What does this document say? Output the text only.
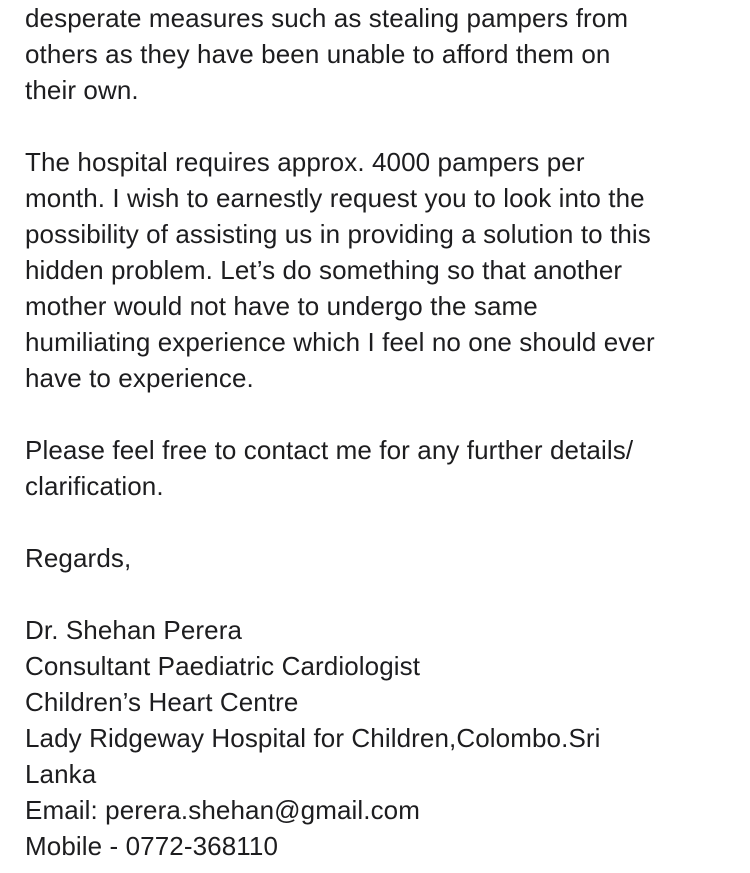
desperate measures such as stealing pampers from
others as they have been unable to afford them on
their own.
The hospital requires approx. 4000 pampers per
month. I wish to earnestly request you to look into the
possibility of assisting us in providing a solution to this
hidden problem. Let’s do something so that another
mother would not have to undergo the same
humiliating experience which I feel no one should ever
have to experience.
Please feel free to contact me for any further details/
clarification.
Regards,
Dr. Shehan Perera
Consultant Paediatric Cardiologist
Children’s Heart Centre
Lady Ridgeway Hospital for Children,Colombo.Sri
Lanka
Email: perera.shehan@gmail.com
Mobile - 0772-368110
